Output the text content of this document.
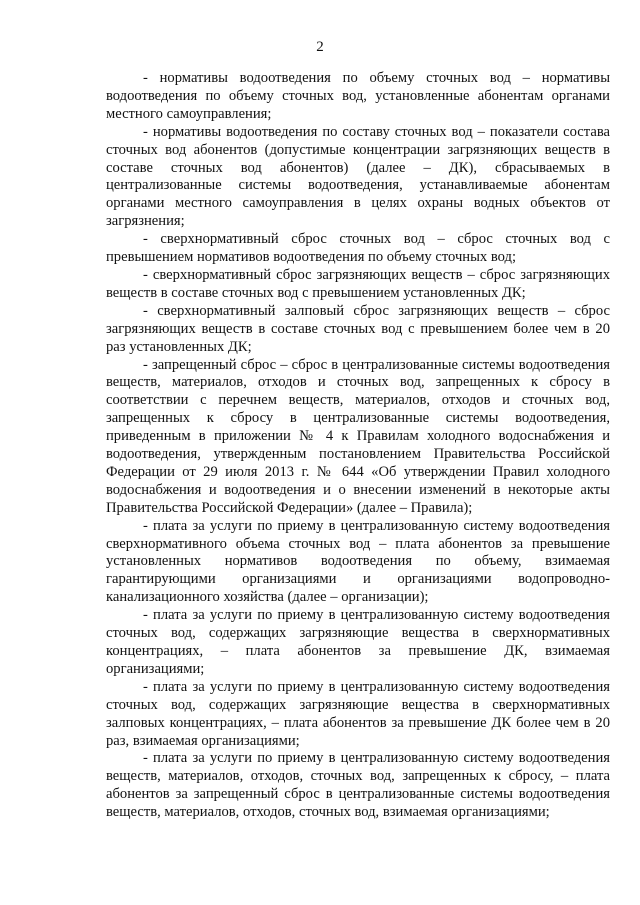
2

- нормативы водоотведения по объему сточных вод – нормативы водоотведения по объему сточных вод, установленные абонентам органами местного самоуправления;

- нормативы водоотведения по составу сточных вод – показатели состава сточных вод абонентов (допустимые концентрации загрязняющих веществ в составе сточных вод абонентов) (далее – ДК), сбрасываемых в централизованные системы водоотведения, устанавливаемые абонентам органами местного самоуправления в целях охраны водных объектов от загрязнения;

- сверхнормативный сброс сточных вод – сброс сточных вод с превышением нормативов водоотведения по объему сточных вод;

- сверхнормативный сброс загрязняющих веществ – сброс загрязняющих веществ в составе сточных вод с превышением установленных ДК;

- сверхнормативный залповый сброс загрязняющих веществ – сброс загрязняющих веществ в составе сточных вод с превышением более чем в 20 раз установленных ДК;

- запрещенный сброс – сброс в централизованные системы водоотведения веществ, материалов, отходов и сточных вод, запрещенных к сбросу в соответствии с перечнем веществ, материалов, отходов и сточных вод, запрещенных к сбросу в централизованные системы водоотведения, приведенным в приложении № 4 к Правилам холодного водоснабжения и водоотведения, утвержденным постановлением Правительства Российской Федерации от 29 июля 2013 г. № 644 «Об утверждении Правил холодного водоснабжения и водоотведения и о внесении изменений в некоторые акты Правительства Российской Федерации» (далее – Правила);

- плата за услуги по приему в централизованную систему водоотведения сверхнормативного объема сточных вод – плата абонентов за превышение установленных нормативов водоотведения по объему, взимаемая гарантирующими организациями и организациями водопроводно-канализационного хозяйства (далее – организации);

- плата за услуги по приему в централизованную систему водоотведения сточных вод, содержащих загрязняющие вещества в сверхнормативных концентрациях, – плата абонентов за превышение ДК, взимаемая организациями;

- плата за услуги по приему в централизованную систему водоотведения сточных вод, содержащих загрязняющие вещества в сверхнормативных залповых концентрациях, – плата абонентов за превышение ДК более чем в 20 раз, взимаемая организациями;

- плата за услуги по приему в централизованную систему водоотведения веществ, материалов, отходов, сточных вод, запрещенных к сбросу, – плата абонентов за запрещенный сброс в централизованные системы водоотведения веществ, материалов, отходов, сточных вод, взимаемая организациями;
